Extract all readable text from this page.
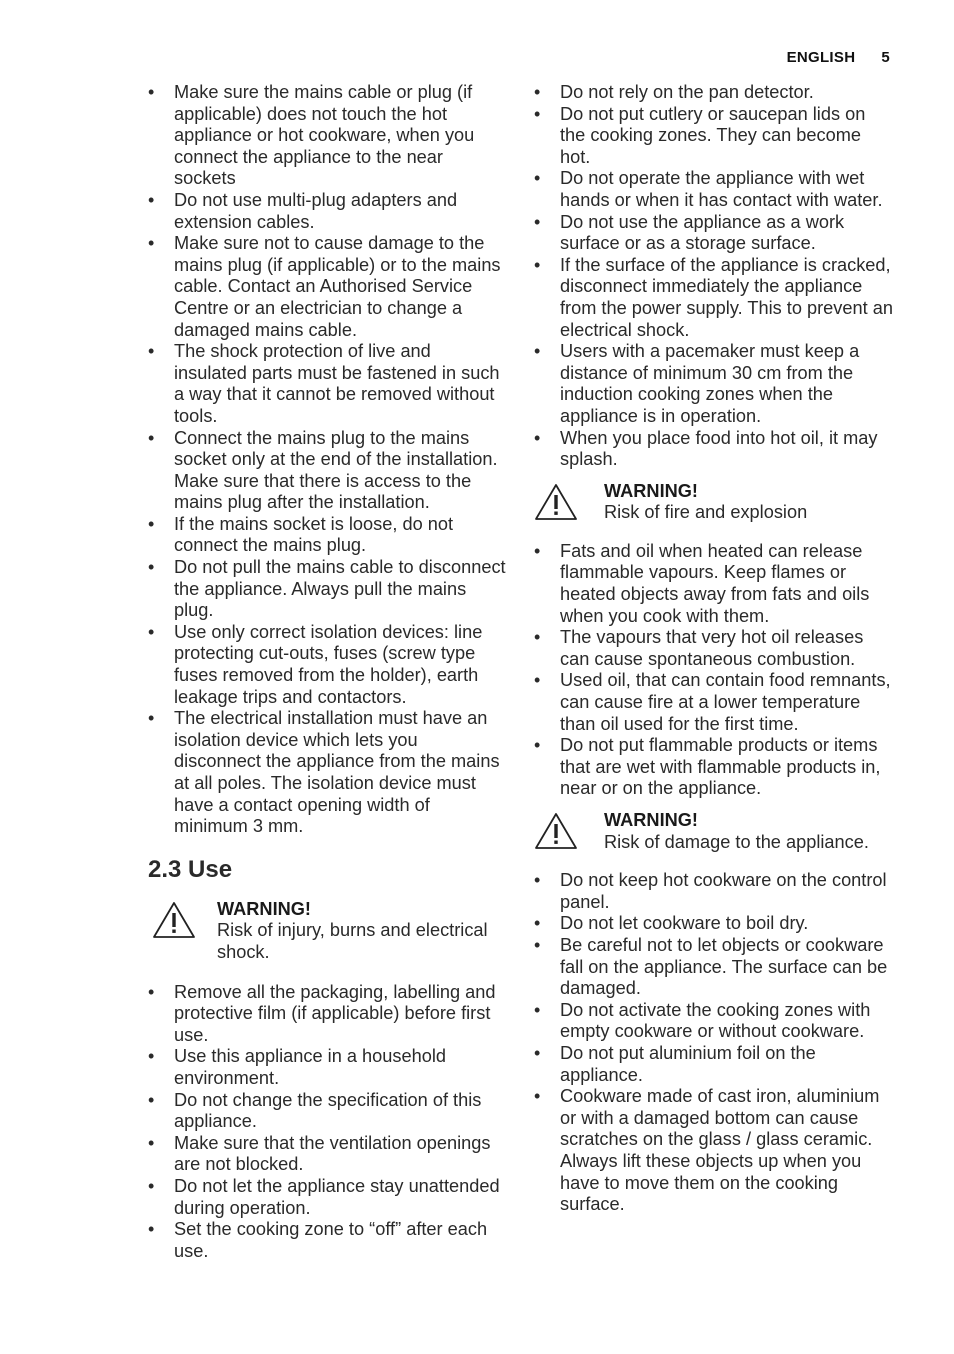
ENGLISH 5
• Make sure the mains cable or plug (if applicable) does not touch the hot appliance or hot cookware, when you connect the appliance to the near sockets
• Do not use multi-plug adapters and extension cables.
• Make sure not to cause damage to the mains plug (if applicable) or to the mains cable. Contact an Authorised Service Centre or an electrician to change a damaged mains cable.
• The shock protection of live and insulated parts must be fastened in such a way that it cannot be removed without tools.
• Connect the mains plug to the mains socket only at the end of the installation. Make sure that there is access to the mains plug after the installation.
• If the mains socket is loose, do not connect the mains plug.
• Do not pull the mains cable to disconnect the appliance. Always pull the mains plug.
• Use only correct isolation devices: line protecting cut-outs, fuses (screw type fuses removed from the holder), earth leakage trips and contactors.
• The electrical installation must have an isolation device which lets you disconnect the appliance from the mains at all poles. The isolation device must have a contact opening width of minimum 3 mm.
2.3 Use
WARNING!
Risk of injury, burns and electrical shock.
• Remove all the packaging, labelling and protective film (if applicable) before first use.
• Use this appliance in a household environment.
• Do not change the specification of this appliance.
• Make sure that the ventilation openings are not blocked.
• Do not let the appliance stay unattended during operation.
• Set the cooking zone to “off” after each use.
• Do not rely on the pan detector.
• Do not put cutlery or saucepan lids on the cooking zones. They can become hot.
• Do not operate the appliance with wet hands or when it has contact with water.
• Do not use the appliance as a work surface or as a storage surface.
• If the surface of the appliance is cracked, disconnect immediately the appliance from the power supply. This to prevent an electrical shock.
• Users with a pacemaker must keep a distance of minimum 30 cm from the induction cooking zones when the appliance is in operation.
• When you place food into hot oil, it may splash.
WARNING!
Risk of fire and explosion
• Fats and oil when heated can release flammable vapours. Keep flames or heated objects away from fats and oils when you cook with them.
• The vapours that very hot oil releases can cause spontaneous combustion.
• Used oil, that can contain food remnants, can cause fire at a lower temperature than oil used for the first time.
• Do not put flammable products or items that are wet with flammable products in, near or on the appliance.
WARNING!
Risk of damage to the appliance.
• Do not keep hot cookware on the control panel.
• Do not let cookware to boil dry.
• Be careful not to let objects or cookware fall on the appliance. The surface can be damaged.
• Do not activate the cooking zones with empty cookware or without cookware.
• Do not put aluminium foil on the appliance.
• Cookware made of cast iron, aluminium or with a damaged bottom can cause scratches on the glass / glass ceramic. Always lift these objects up when you have to move them on the cooking surface.
